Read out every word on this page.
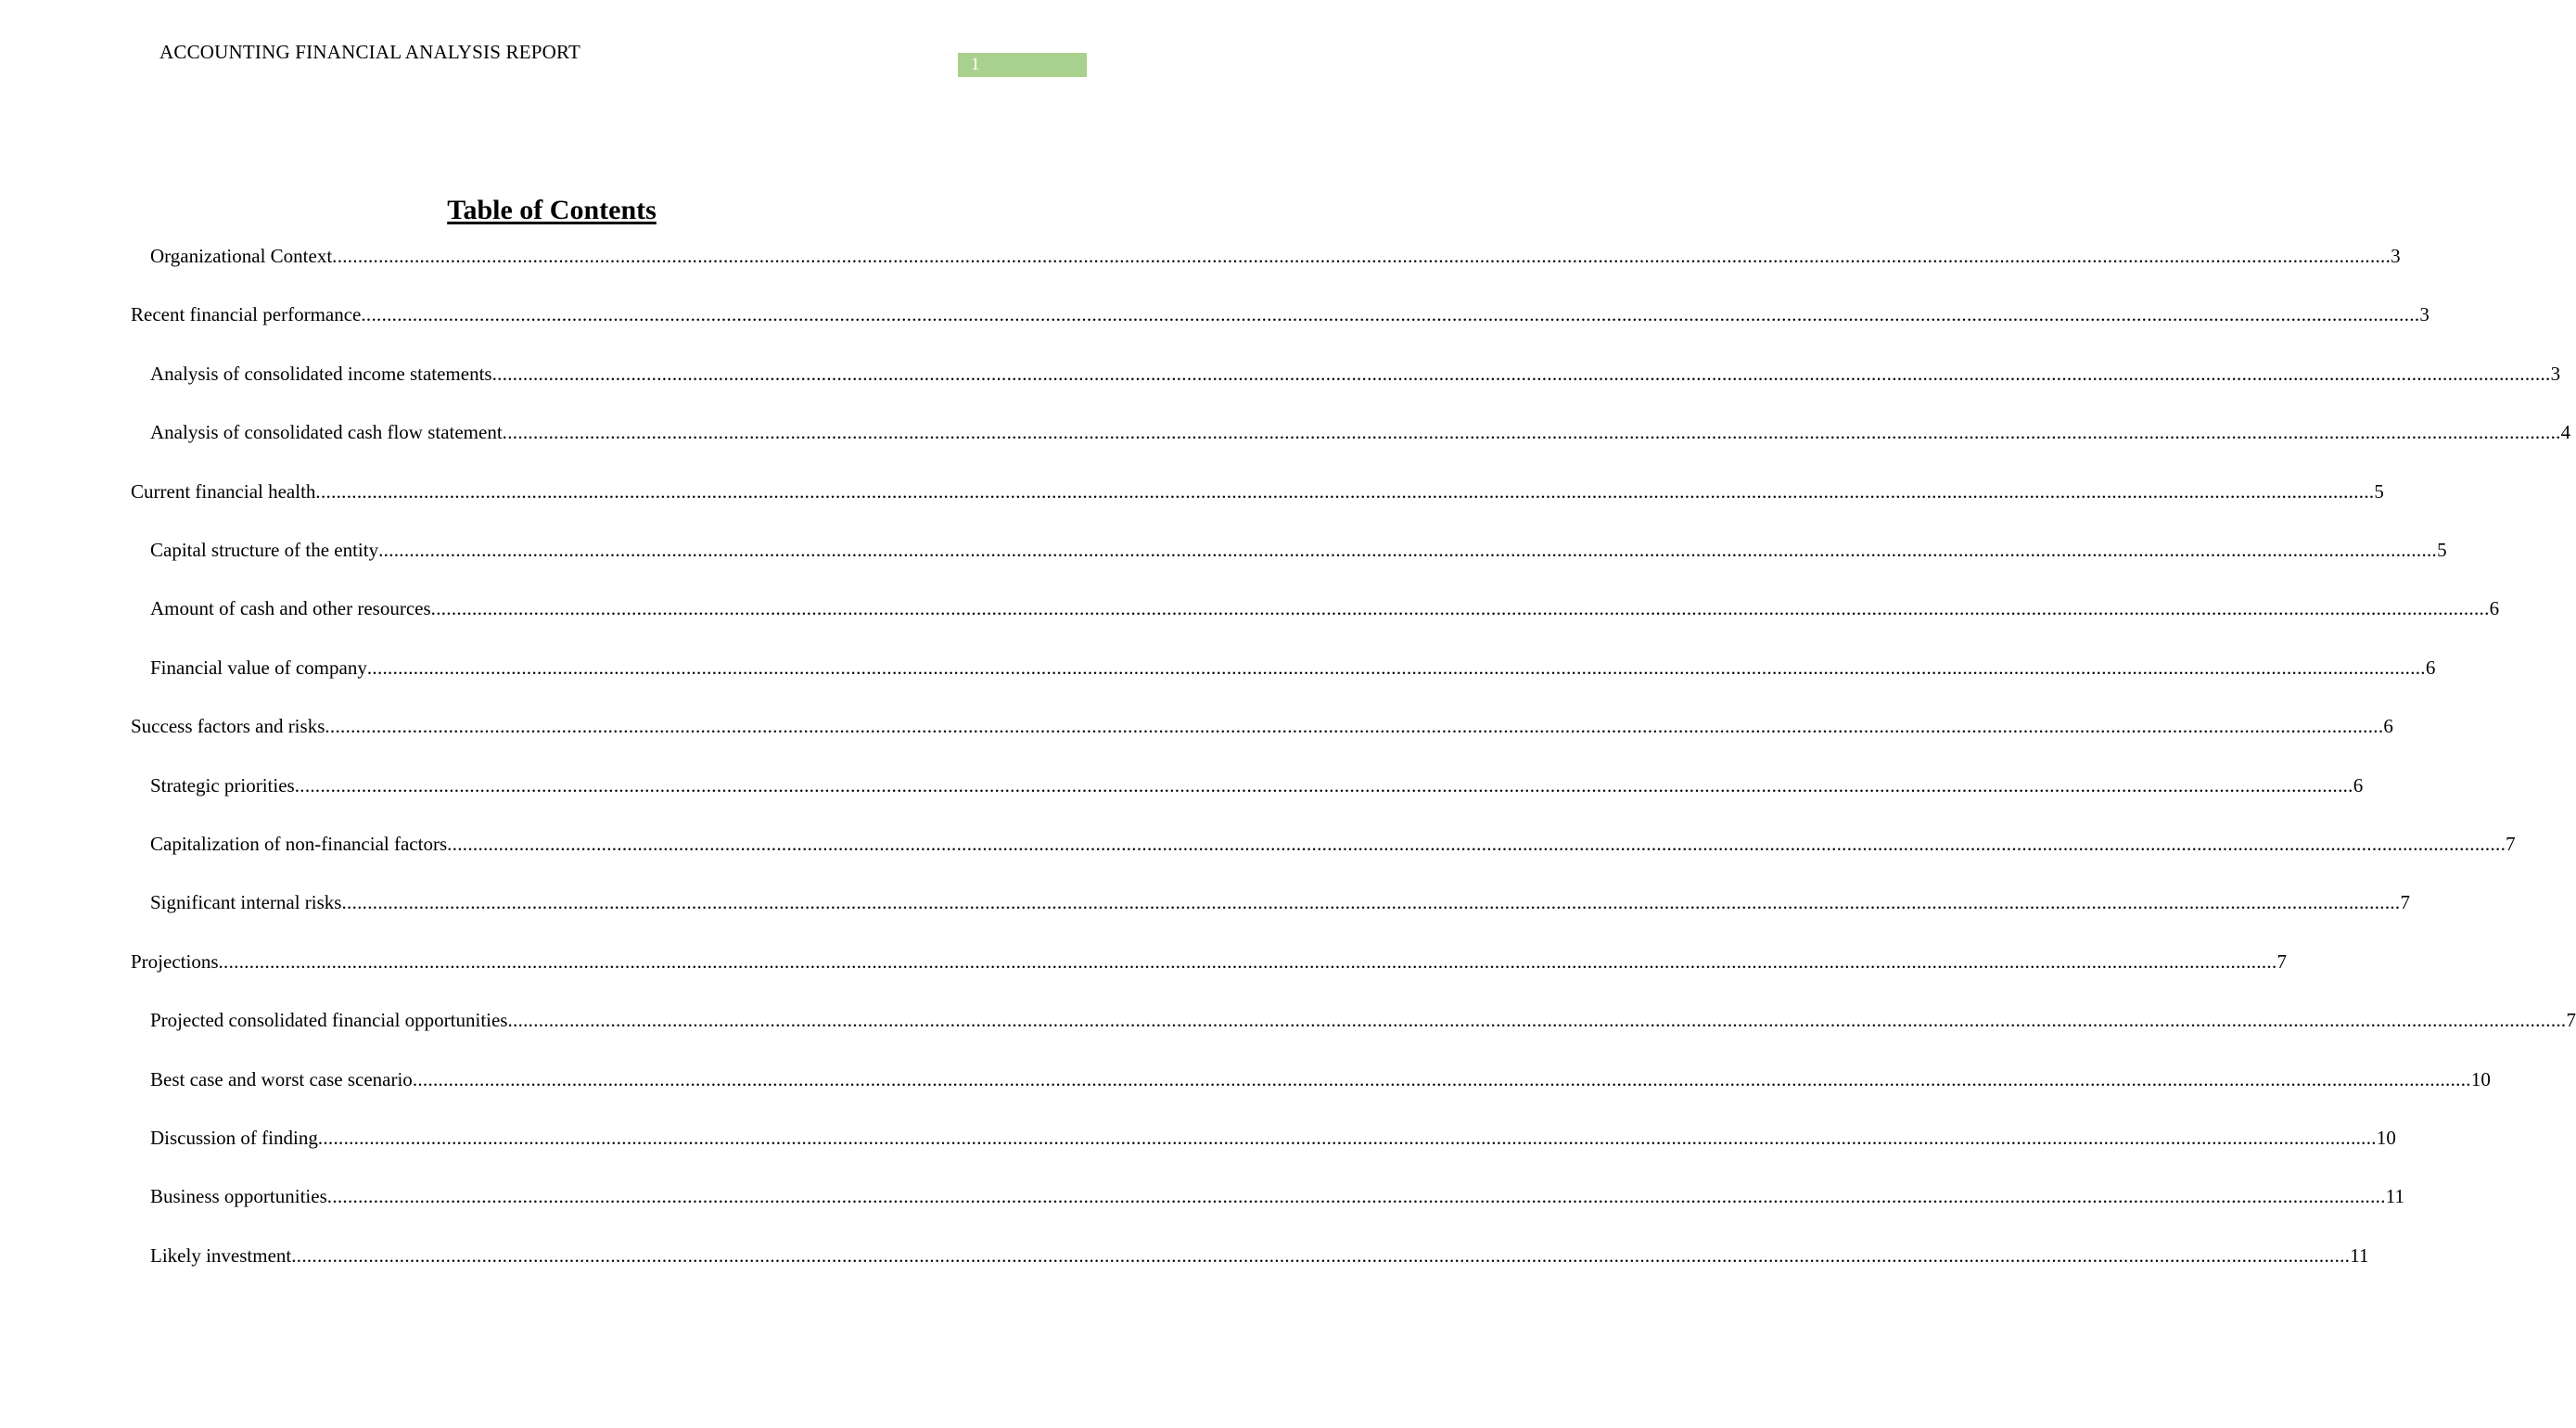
ACCOUNTING FINANCIAL ANALYSIS REPORT
1
Table of Contents
Organizational Context ................................................................................................................................................................................................................................................................................................................................................................................................................ 3
Recent financial performance ................................................................................................................................................................................................................................................................................................................................................................................................................ 3
Analysis of consolidated income statements ................................................................................................................................................................................................................................................................................................................................................................................................................ 3
Analysis of consolidated cash flow statement ................................................................................................................................................................................................................................................................................................................................................................................................................ 4
Current financial health ................................................................................................................................................................................................................................................................................................................................................................................................................ 5
Capital structure of the entity ................................................................................................................................................................................................................................................................................................................................................................................................................ 5
Amount of cash and other resources ................................................................................................................................................................................................................................................................................................................................................................................................................ 6
Financial value of company ................................................................................................................................................................................................................................................................................................................................................................................................................ 6
Success factors and risks ................................................................................................................................................................................................................................................................................................................................................................................................................ 6
Strategic priorities ................................................................................................................................................................................................................................................................................................................................................................................................................ 6
Capitalization of non-financial factors ................................................................................................................................................................................................................................................................................................................................................................................................................ 7
Significant internal risks ................................................................................................................................................................................................................................................................................................................................................................................................................ 7
Projections ................................................................................................................................................................................................................................................................................................................................................................................................................ 7
Projected consolidated financial opportunities ................................................................................................................................................................................................................................................................................................................................................................................................................ 7
Best case and worst case scenario ................................................................................................................................................................................................................................................................................................................................................................................................................ 10
Discussion of finding ................................................................................................................................................................................................................................................................................................................................................................................................................ 10
Business opportunities ................................................................................................................................................................................................................................................................................................................................................................................................................ 11
Likely investment ................................................................................................................................................................................................................................................................................................................................................................................................................ 11
